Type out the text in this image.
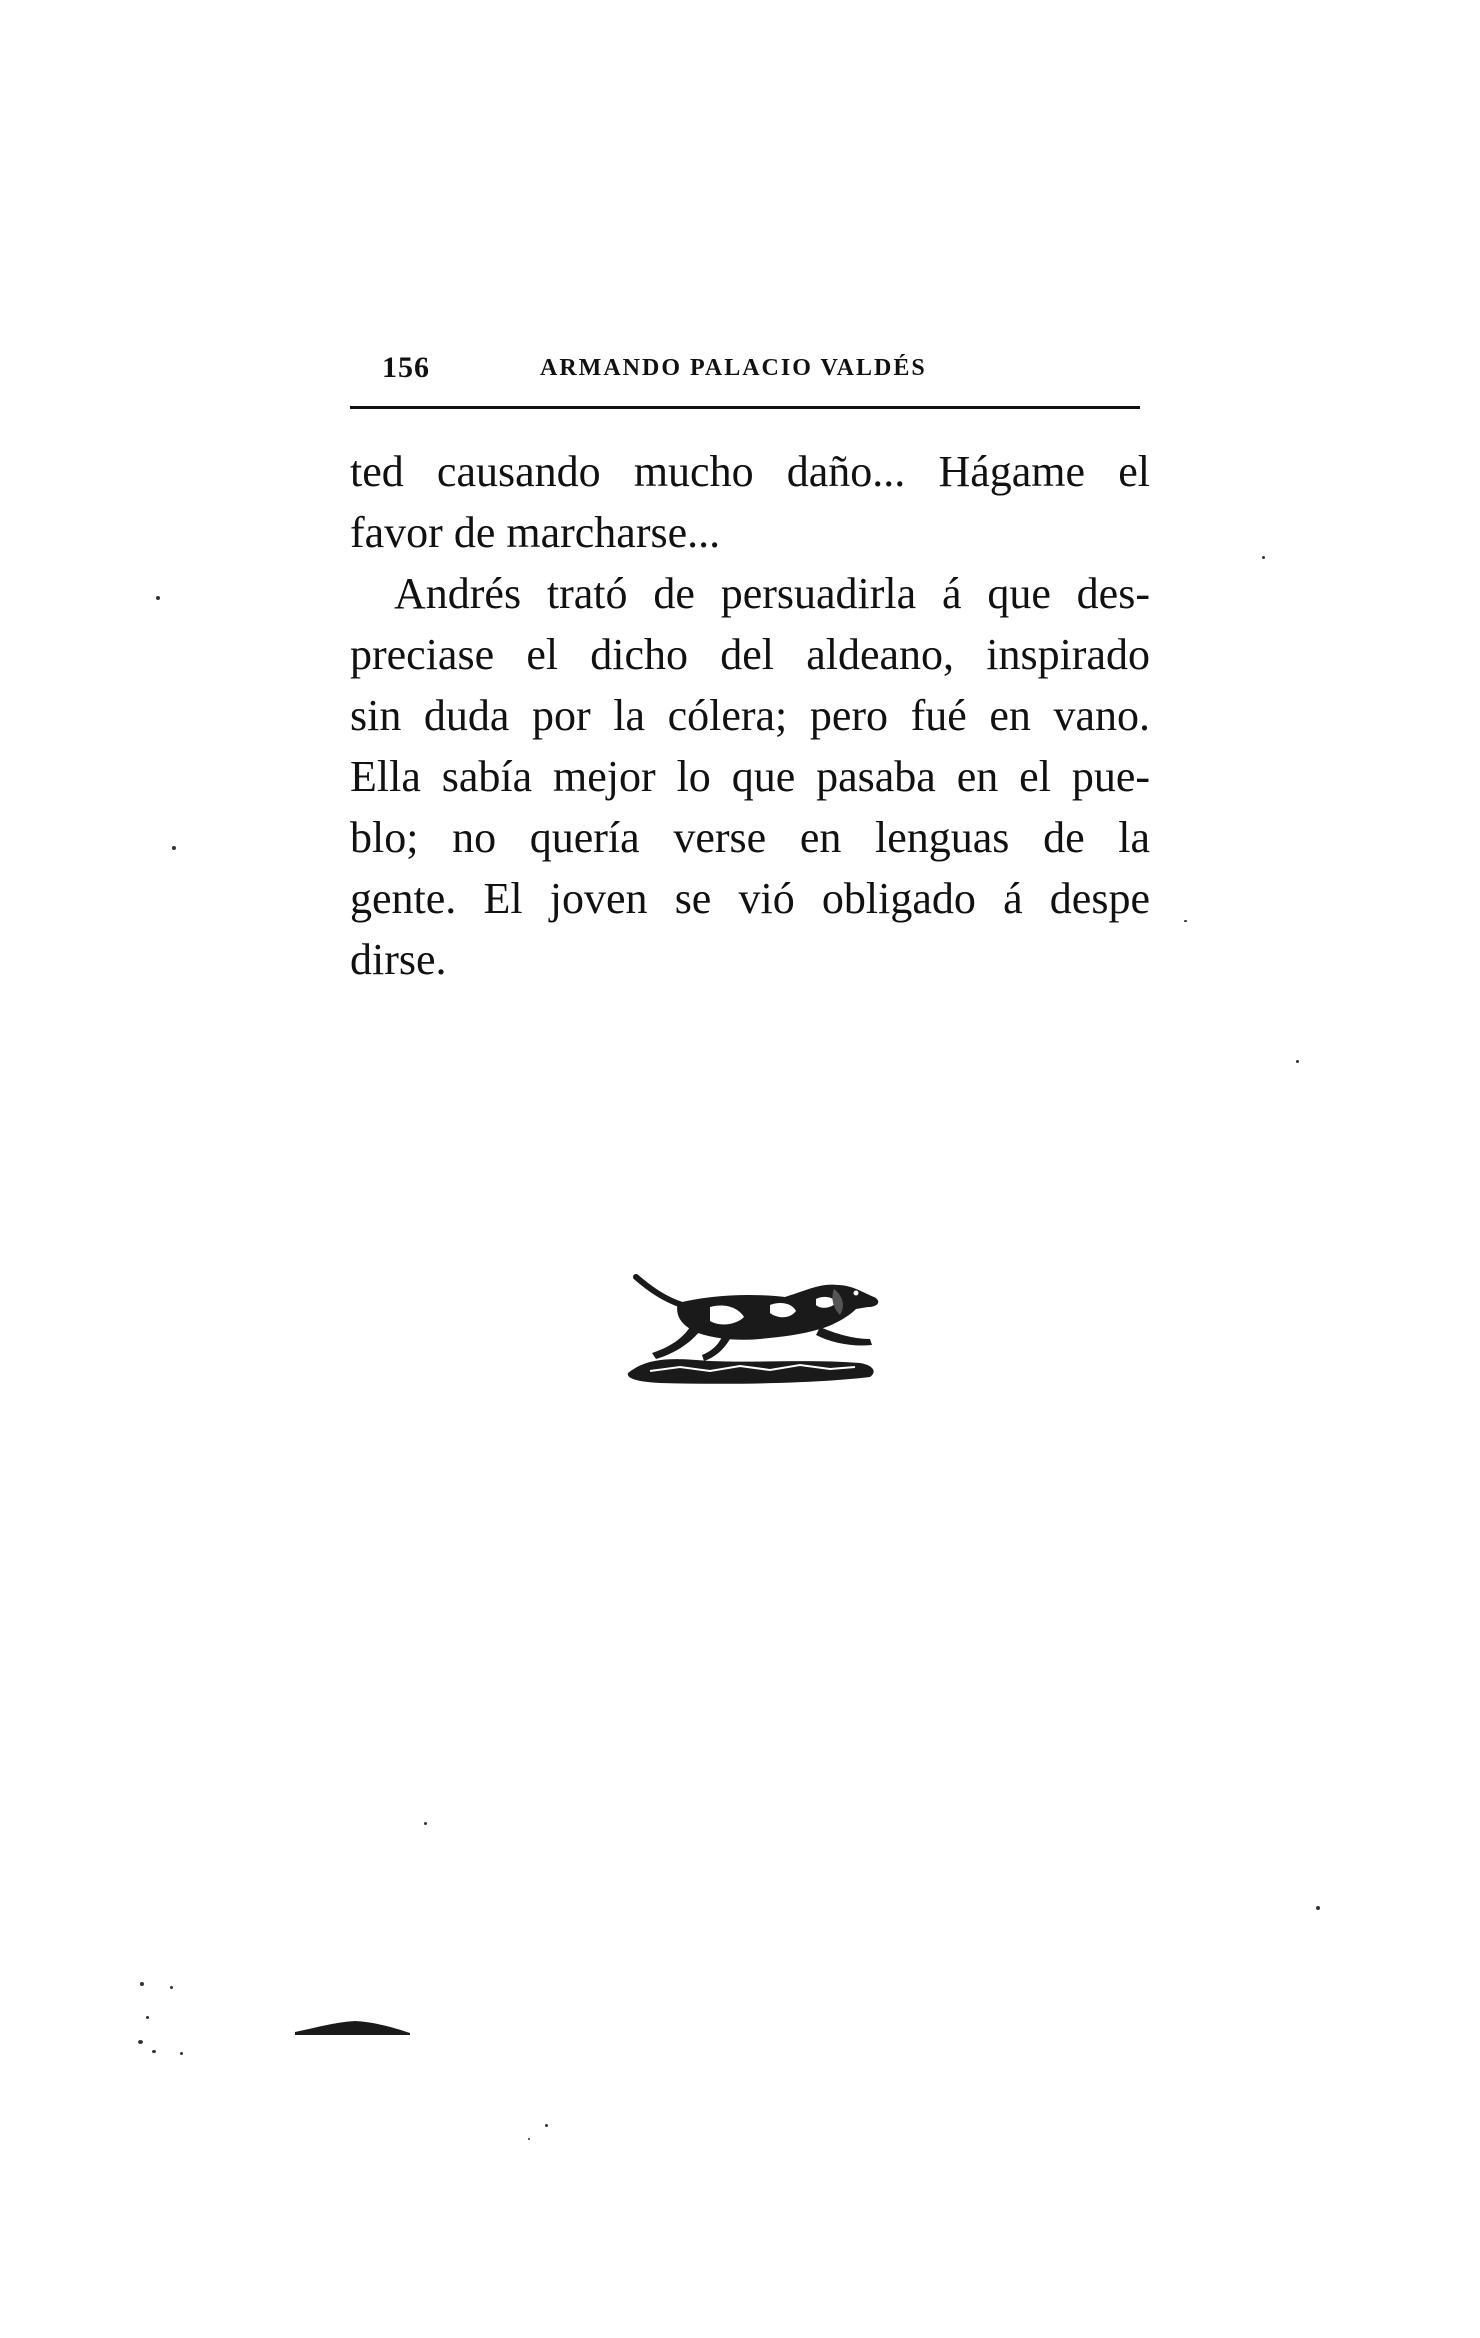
156	ARMANDO PALACIO VALDÉS
ted causando mucho daño... Hágame el
favor de marcharse...
Andrés trató de persuadirla á que des-
preciase el dicho del aldeano, inspirado
sin duda por la cólera; pero fué en vano.
Ella sabía mejor lo que pasaba en el pue-
blo; no quería verse en lenguas de la
gente. El joven se vió obligado á despe
dirse.
